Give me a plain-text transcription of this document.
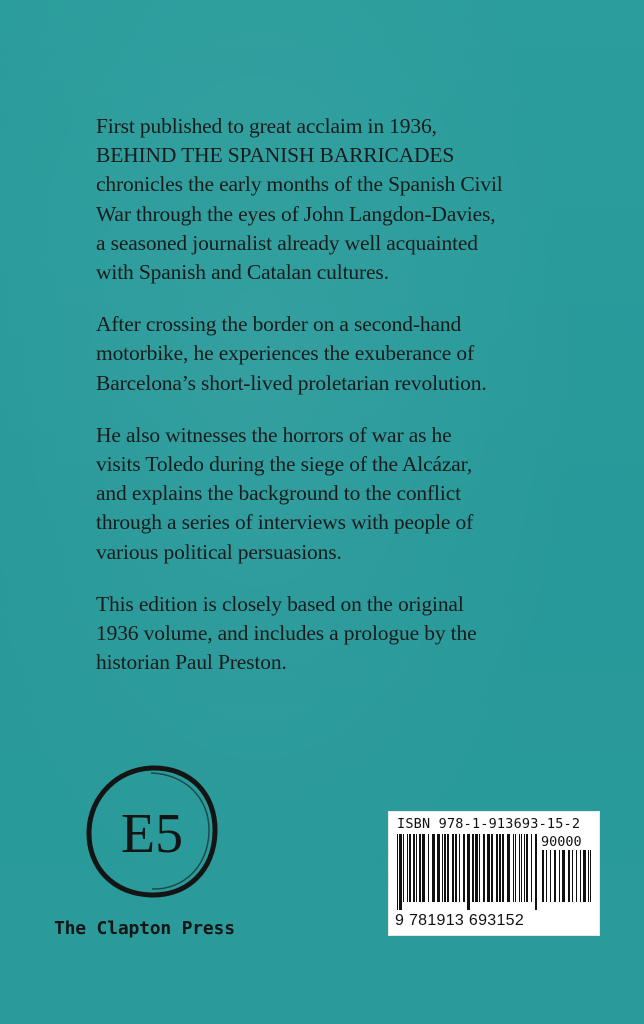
First published to great acclaim in 1936,
BEHIND THE SPANISH BARRICADES
chronicles the early months of the Spanish Civil
War through the eyes of John Langdon-Davies,
a seasoned journalist already well acquainted
with Spanish and Catalan cultures.

After crossing the border on a second-hand
motorbike, he experiences the exuberance of
Barcelona’s short-lived proletarian revolution.

He also witnesses the horrors of war as he
visits Toledo during the siege of the Alcázar,
and explains the background to the conflict
through a series of interviews with people of
various political persuasions.

This edition is closely based on the original
1936 volume, and includes a prologue by the
historian Paul Preston.

E5
The Clapton Press
ISBN 978-1-913693-15-2
90000
9 781913 693152
